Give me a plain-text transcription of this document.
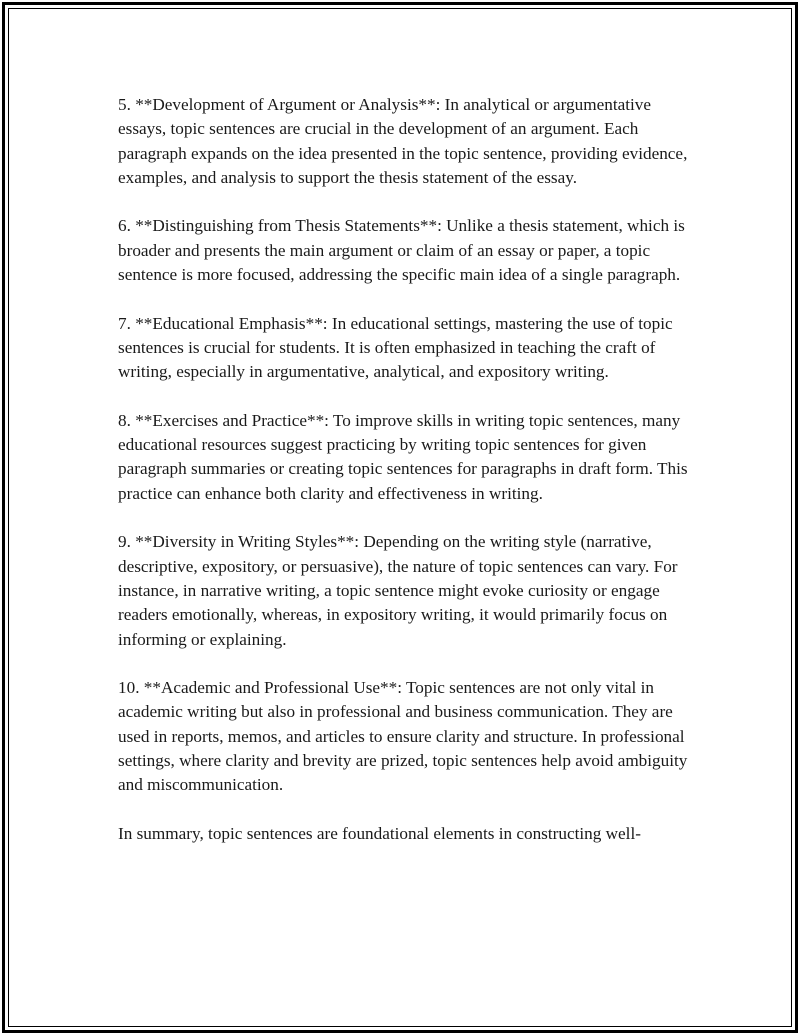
5. **Development of Argument or Analysis**: In analytical or argumentative essays, topic sentences are crucial in the development of an argument. Each paragraph expands on the idea presented in the topic sentence, providing evidence, examples, and analysis to support the thesis statement of the essay.

6. **Distinguishing from Thesis Statements**: Unlike a thesis statement, which is broader and presents the main argument or claim of an essay or paper, a topic sentence is more focused, addressing the specific main idea of a single paragraph.

7. **Educational Emphasis**: In educational settings, mastering the use of topic sentences is crucial for students. It is often emphasized in teaching the craft of writing, especially in argumentative, analytical, and expository writing.

8. **Exercises and Practice**: To improve skills in writing topic sentences, many educational resources suggest practicing by writing topic sentences for given paragraph summaries or creating topic sentences for paragraphs in draft form. This practice can enhance both clarity and effectiveness in writing.

9. **Diversity in Writing Styles**: Depending on the writing style (narrative, descriptive, expository, or persuasive), the nature of topic sentences can vary. For instance, in narrative writing, a topic sentence might evoke curiosity or engage readers emotionally, whereas, in expository writing, it would primarily focus on informing or explaining.

10. **Academic and Professional Use**: Topic sentences are not only vital in academic writing but also in professional and business communication. They are used in reports, memos, and articles to ensure clarity and structure. In professional settings, where clarity and brevity are prized, topic sentences help avoid ambiguity and miscommunication.

In summary, topic sentences are foundational elements in constructing well-
